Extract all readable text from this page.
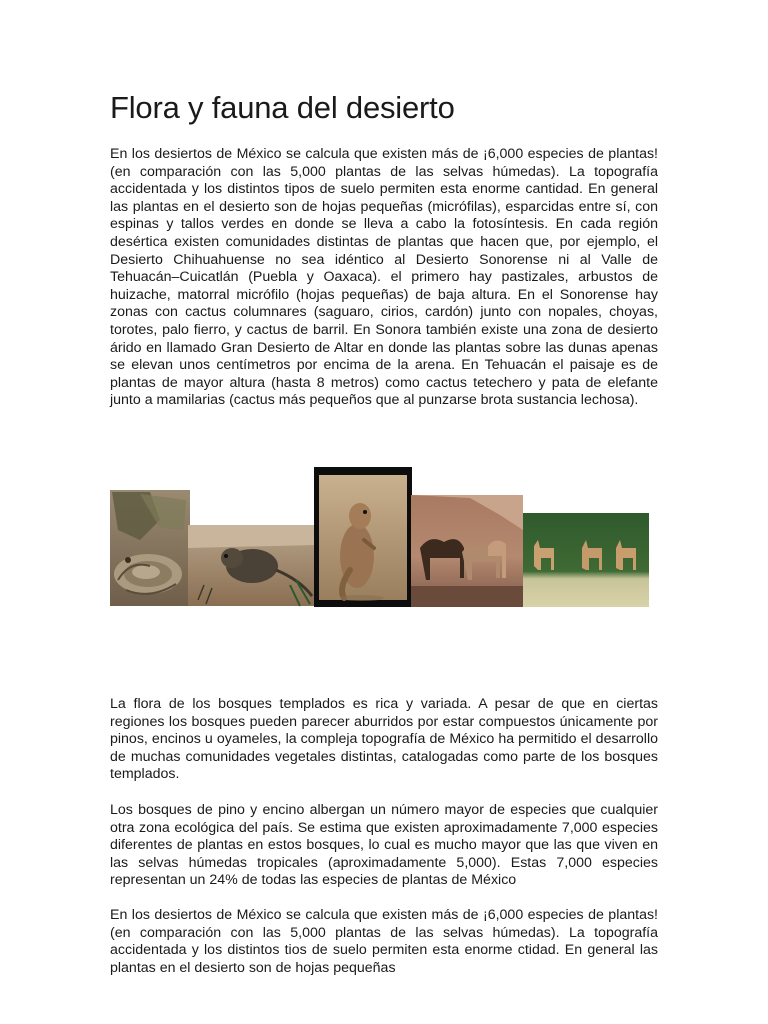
Flora y fauna del desierto

En los desiertos de México se calcula que existen más de ¡6,000 especies de plantas! (en comparación con las 5,000 plantas de las selvas húmedas). La topografía accidentada y los distintos tipos de suelo permiten esta enorme cantidad. En general las plantas en el desierto son de hojas pequeñas (micrófilas), esparcidas entre sí, con espinas y tallos verdes en donde se lleva a cabo la fotosíntesis. En cada región desértica existen comunidades distintas de plantas que hacen que, por ejemplo, el Desierto Chihuahuense no sea idéntico al Desierto Sonorense ni al Valle de Tehuacán–Cuicatlán (Puebla y Oaxaca). el primero hay pastizales, arbustos de huizache, matorral micrófilo (hojas pequeñas) de baja altura. En el Sonorense hay zonas con cactus columnares (saguaro, cirios, cardón) junto con nopales, choyas, torotes, palo fierro, y cactus de barril. En Sonora también existe una zona de desierto árido en llamado Gran Desierto de Altar en donde las plantas sobre las dunas apenas se elevan unos centímetros por encima de la arena. En Tehuacán el paisaje es de plantas de mayor altura (hasta 8 metros) como cactus tetechero y pata de elefante junto a mamilarias (cactus más pequeños que al punzarse brota sustancia lechosa).

La flora de los bosques templados es rica y variada. A pesar de que en ciertas regiones los bosques pueden parecer aburridos por estar compuestos únicamente por pinos, encinos u oyameles, la compleja topografía de México ha permitido el desarrollo de muchas comunidades vegetales distintas, catalogadas como parte de los bosques templados.

Los bosques de pino y encino albergan un número mayor de especies que cualquier otra zona ecológica del país. Se estima que existen aproximadamente 7,000 especies diferentes de plantas en estos bosques, lo cual es mucho mayor que las que viven en las selvas húmedas tropicales (aproximadamente 5,000). Estas 7,000 especies representan un 24% de todas las especies de plantas de México

En los desiertos de México se calcula que existen más de ¡6,000 especies de plantas! (en comparación con las 5,000 plantas de las selvas húmedas). La topografía accidentada y los distintos tios de suelo permiten esta enorme ctidad. En general las plantas en el desierto son de hojas pequeñas
